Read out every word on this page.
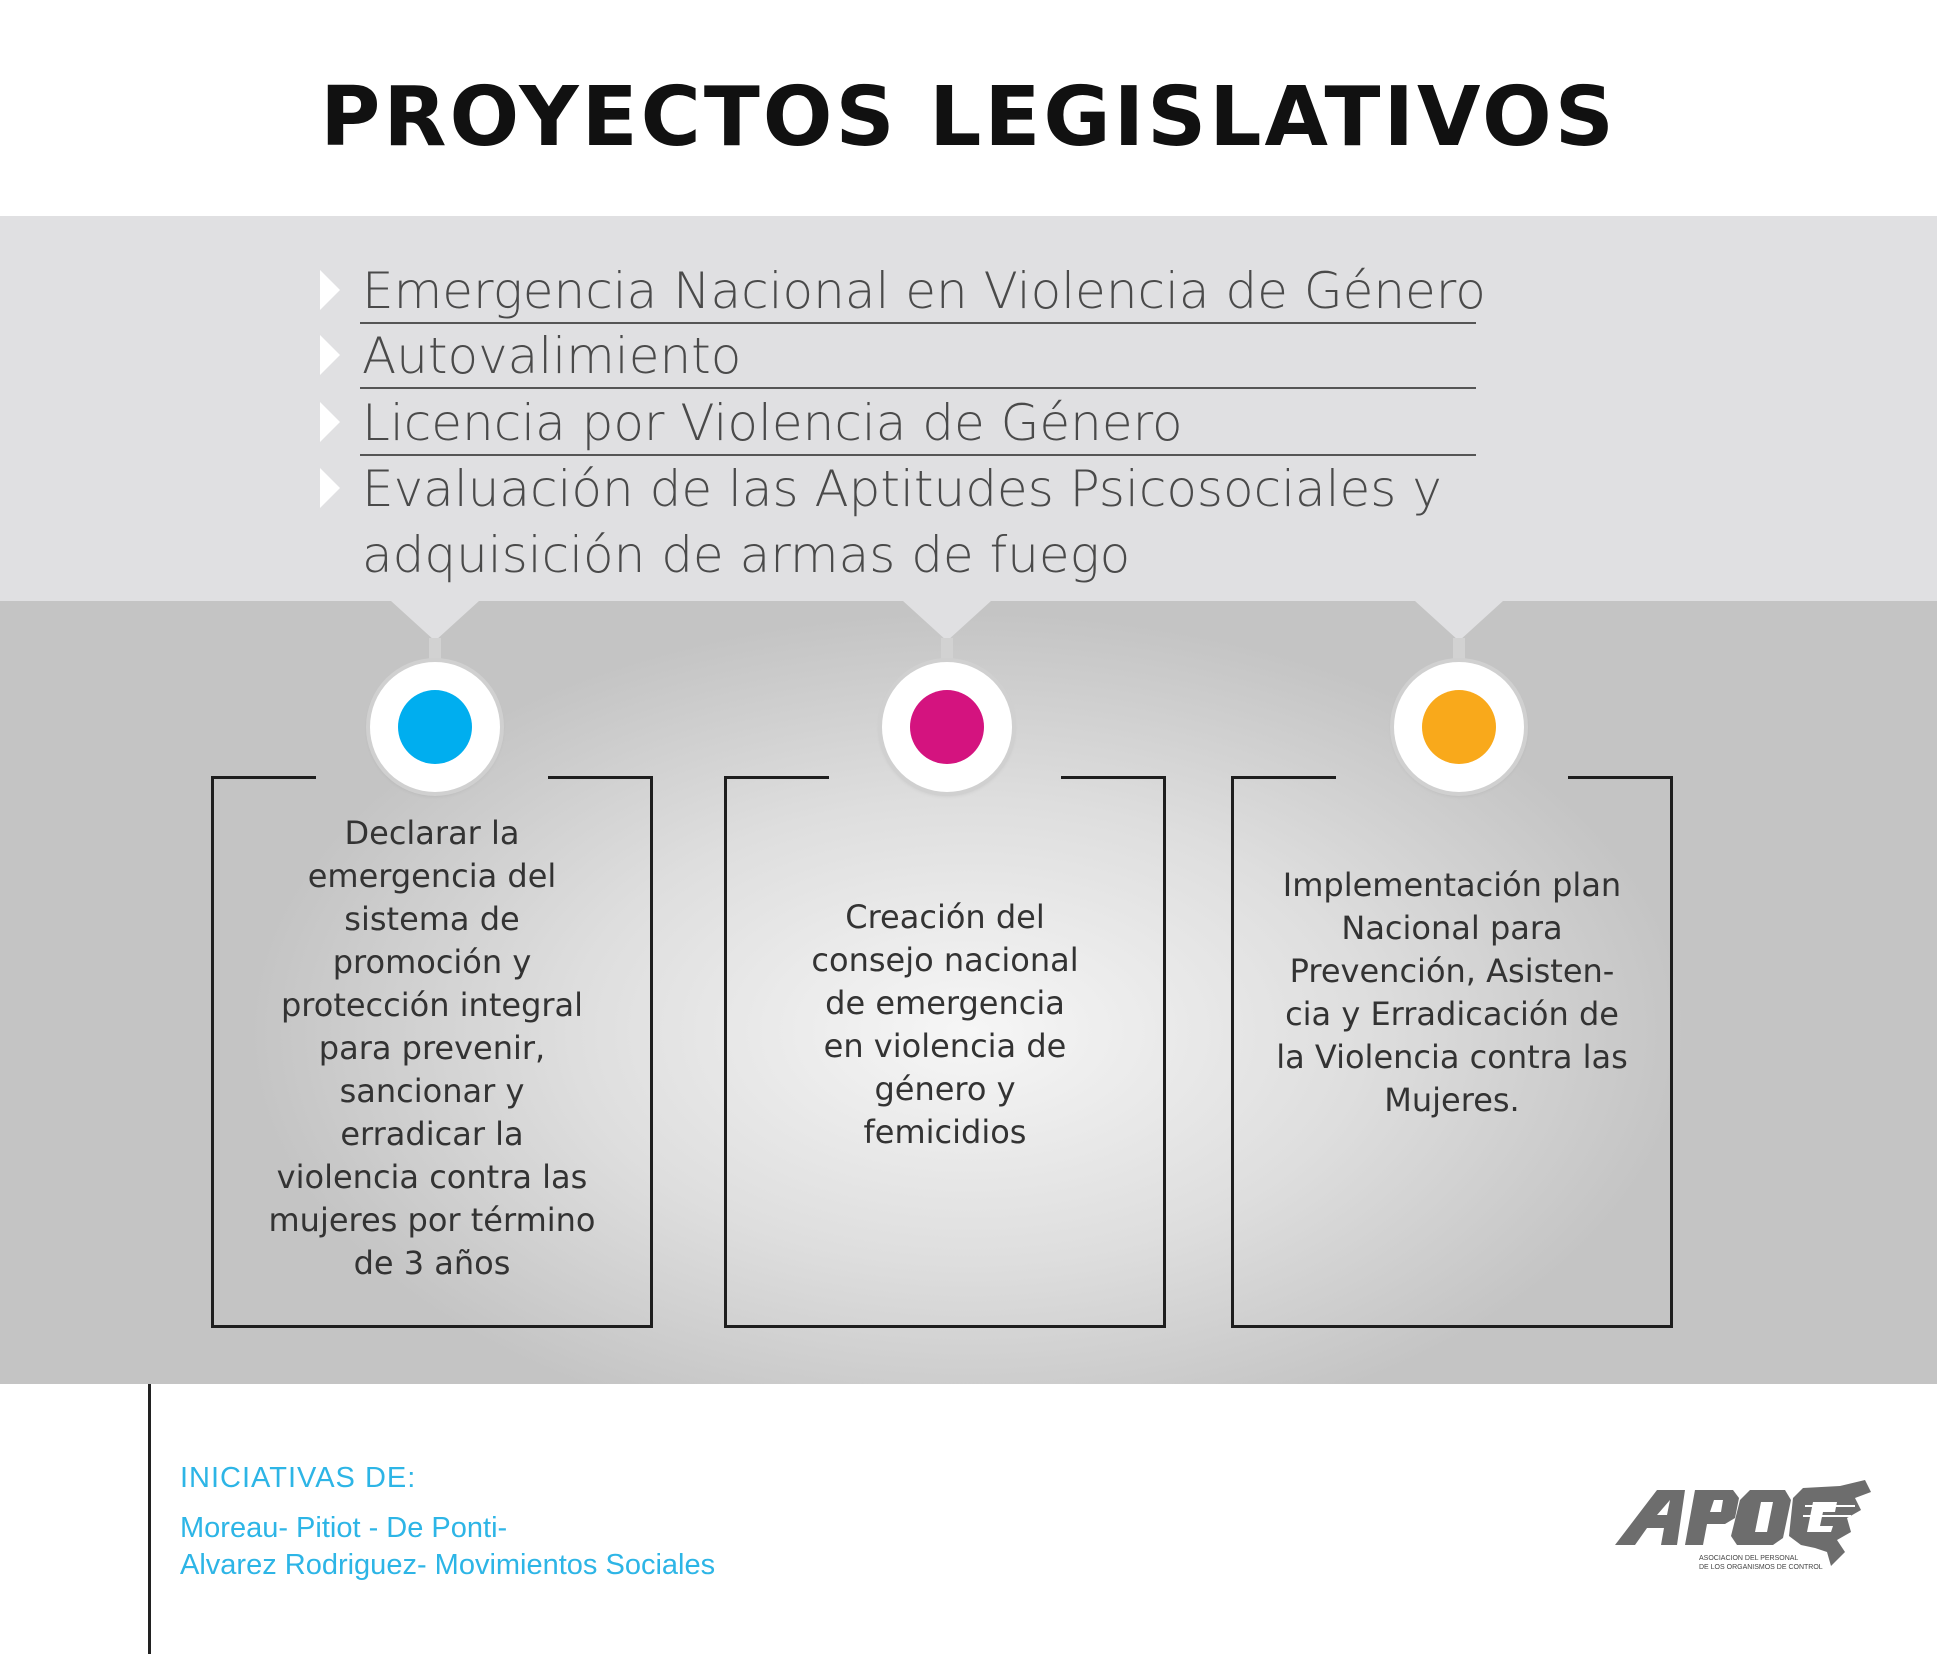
PROYECTOS LEGISLATIVOS
Emergencia Nacional en Violencia de Género
Autovalimiento
Licencia por Violencia de Género
Evaluación de las Aptitudes Psicosociales y adquisición de armas de fuego
Declarar la
emergencia del
sistema de
promoción y
protección integral
para prevenir,
sancionar y
erradicar la
violencia contra las
mujeres por término
de 3 años
Creación del
consejo nacional
de emergencia
en violencia de
género y
femicidios
Implementación plan
Nacional para
Prevención, Asisten-
cia y Erradicación de
la Violencia contra las
Mujeres.
INICIATIVAS DE:
Moreau- Pitiot - De Ponti-
Alvarez Rodriguez- Movimientos Sociales	ASOCIACION DEL PERSONAL
DE LOS ORGANISMOS DE CONTROL
